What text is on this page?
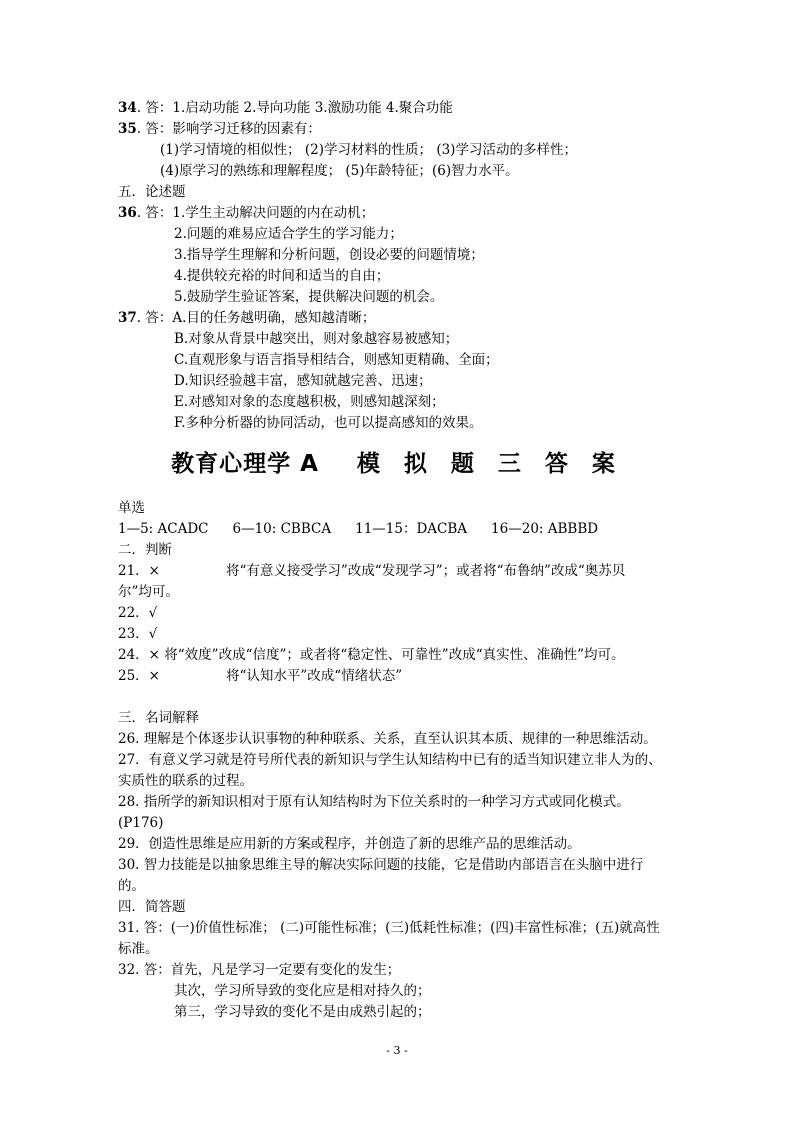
34. 答：1.启动功能 2.导向功能 3.激励功能 4.聚合功能
35. 答：影响学习迁移的因素有：
(1)学习情境的相似性； (2)学习材料的性质； (3)学习活动的多样性；
(4)原学习的熟练和理解程度； (5)年龄特征；(6)智力水平。
五．论述题
36. 答：1.学生主动解决问题的内在动机；
2.问题的难易应适合学生的学习能力；
3.指导学生理解和分析问题，创设必要的问题情境；
4.提供较充裕的时间和适当的自由；
5.鼓励学生验证答案，提供解决问题的机会。
37. 答：A.目的任务越明确，感知越清晰；
B.对象从背景中越突出，则对象越容易被感知；
C.直观形象与语言指导相结合，则感知更精确、全面；
D.知识经验越丰富，感知就越完善、迅速；
E.对感知对象的态度越积极，则感知越深刻；
F.多种分析器的协同活动，也可以提高感知的效果。
教育心理学 A 模 拟 题 三 答 案
单选
1—5: ACADC 6—10: CBBCA 11—15：DACBA 16—20: ABBBD
二．判断
21．×	将“有意义接受学习”改成“发现学习”；或者将“布鲁纳”改成“奥苏贝
尔”均可。
22．√
23．√
24．× 将“效度”改成“信度”；或者将“稳定性、可靠性”改成“真实性、准确性”均可。
25．×	将“认知水平”改成“情绪状态”
三．名词解释
26. 理解是个体逐步认识事物的种种联系、关系，直至认识其本质、规律的一种思维活动。
27．有意义学习就是符号所代表的新知识与学生认知结构中已有的适当知识建立非人为的、
实质性的联系的过程。
28. 指所学的新知识相对于原有认知结构时为下位关系时的一种学习方式或同化模式。
(P176)
29．创造性思维是应用新的方案或程序，并创造了新的思维产品的思维活动。
30. 智力技能是以抽象思维主导的解决实际问题的技能，它是借助内部语言在头脑中进行
的。
四．简答题
31. 答：(一)价值性标准； (二)可能性标准；(三)低耗性标准；(四)丰富性标准；(五)就高性
标准。
32. 答：首先，凡是学习一定要有变化的发生；
其次，学习所导致的变化应是相对持久的；
第三，学习导致的变化不是由成熟引起的；
- 3 -
